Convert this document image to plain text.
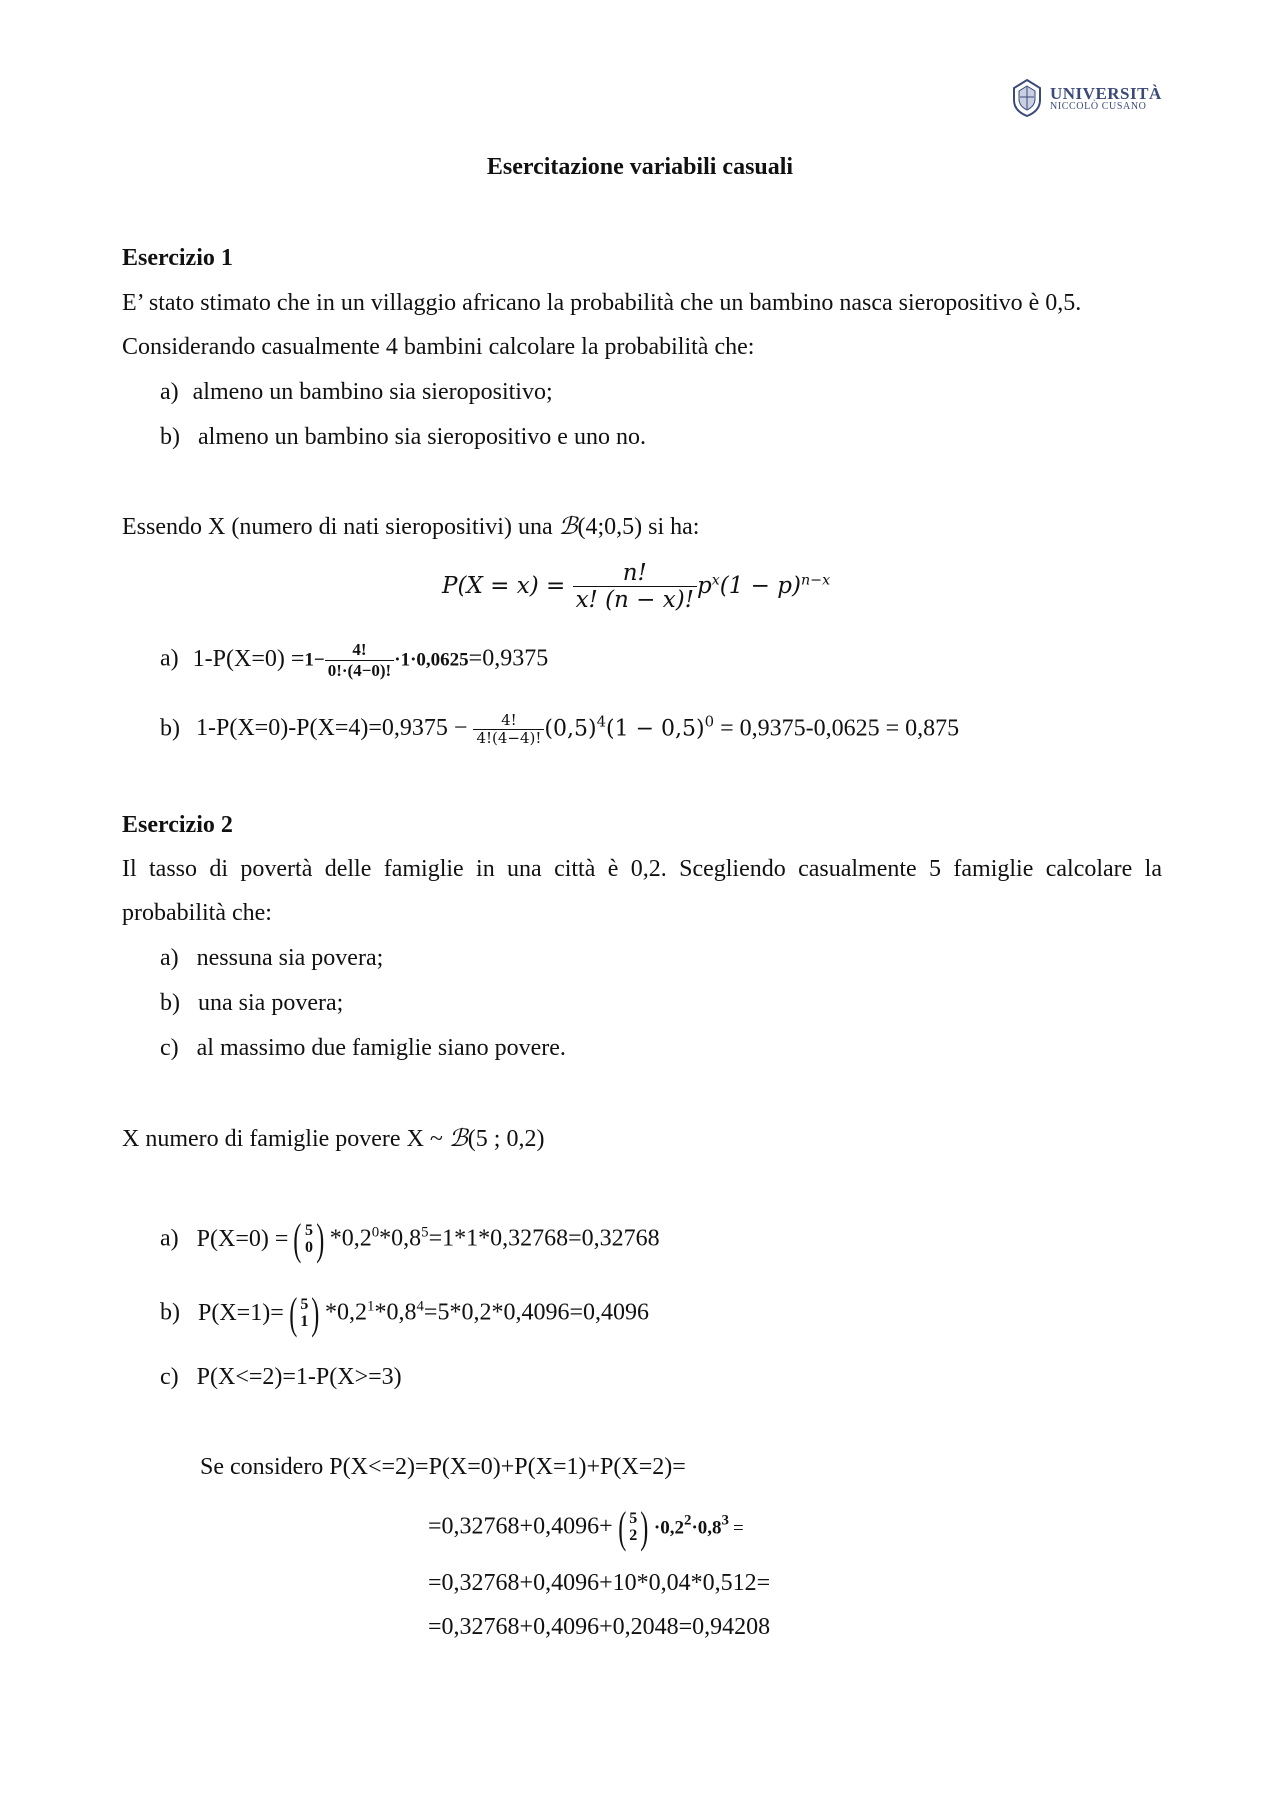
UNIVERSITÀ
NICCOLÒ CUSANO
Esercitazione variabili casuali
Esercizio 1
E’ stato stimato che in un villaggio africano la probabilità che un bambino nasca sieropositivo è 0,5.
Considerando casualmente 4 bambini calcolare la probabilità che:
a) almeno un bambino sia sieropositivo;
b) almeno un bambino sia sieropositivo e uno no.
Essendo X (numero di nati sieropositivi) una ℬ(4;0,5) si ha:
$P(X = x) = \frac{n!}{x! (n - x)!} p^x(1 - p)^{n-x}$
a) $1-P(X=0) =1- \frac{4!}{0!\cdot(4-0)!} \cdot 1\cdot 0,0625=0,9375$
b) $1-P(X=0)-P(X=4)=0,9375 - \frac{4!}{4!(4-4)!} (0,5)^4(1 - 0,5)^0 = 0,9375-0,0625 = 0,875$
Esercizio 2
Il tasso di povertà delle famiglie in una città è 0,2. Scegliendo casualmente 5 famiglie calcolare la
probabilità che:
a) nessuna sia povera;
b) una sia povera;
c) al massimo due famiglie siano povere.
X numero di famiglie povere X ~ ℬ(5 ; 0,2)
a) P(X=0) = ( 5
0 ) $*0,2^0*0,8^5=1*1*0,32768=0,32768$
b) P(X=1)= ( 5
1 ) $*0,2^1*0,8^4=5*0,2*0,4096=0,4096$
c) P(X<=2)=1-P(X>=3)
Se considero P(X<=2)=P(X=0)+P(X=1)+P(X=2)=
=0,32768+0,4096+ ( 5
2 ) $\cdot 0,2^2\cdot 0,8^3$ =
=0,32768+0,4096+10*0,04*0,512=
=0,32768+0,4096+0,2048=0,94208
